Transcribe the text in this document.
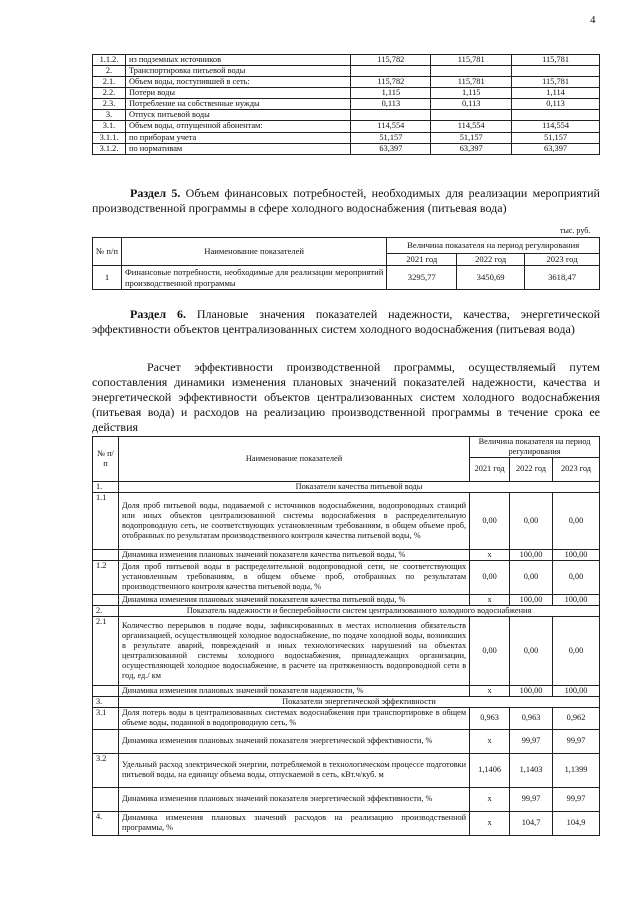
4
1.1.2.	из подземных источников	115,782	115,781	115,781
2.	Транспортировка питьевой воды			
2.1.	Объем воды, поступившей в сеть:	115,782	115,781	115,781
2.2.	Потери воды	1,115	1,115	1,114
2.3.	Потребление на собственные нужды	0,113	0,113	0,113
3.	Отпуск питьевой воды			
3.1.	Объем воды, отпущенной абонентам:	114,554	114,554	114,554
3.1.1.	по приборам учета	51,157	51,157	51,157
3.1.2.	по нормативам	63,397	63,397	63,397
Раздел 5. Объем финансовых потребностей, необходимых для реализации мероприятий производственной программы в сфере холодного водоснабжения (питьевая вода)
тыс. руб.
№ п/п	Наименование показателей	Величина показателя на период регулирования		
		2021 год	2022 год	2023 год
1	Финансовые потребности, необходимые для реализации мероприятий производственной программы	3295,77	3450,69	3618,47
Раздел 6. Плановые значения показателей надежности, качества, энергетической эффективности объектов централизованных систем холодного водоснабжения (питьевая вода)
Расчет эффективности производственной программы, осуществляемый путем сопоставления динамики изменения плановых значений показателей надежности, качества и энергетической эффективности объектов централизованных систем холодного водоснабжения (питьевая вода) и расходов на реализацию производственной программы в течение срока ее действия
№ п/п	Наименование показателей	Величина показателя на период регулирования		
		2021 год	2022 год	2023 год
1.	Показатели качества питьевой воды			
1.1	Доля проб питьевой воды, подаваемой с источников водоснабжения, водопроводных станций или иных объектов централизованной системы водоснабжения в распределительную водопроводную сеть, не соответствующих установленным требованиям, в общем объеме проб, отобранных по результатам производственного контроля качества питьевой воды, %	0,00	0,00	0,00
	Динамика изменения плановых значений показателя качества питьевой воды, %	x	100,00	100,00
1.2	Доля проб питьевой воды в распределительной водопроводной сети, не соответствующих установленным требованиям, в общем объеме проб, отобранных по результатам производственного контроля качества питьевой воды, %	0,00	0,00	0,00
	Динамика изменения плановых значений показателя качества питьевой воды, %	x	100,00	100,00
2.	Показатель надежности и бесперебойности систем централизованного холодного водоснабжения			
2.1	Количество перерывов в подаче воды, зафиксированных в местах исполнения обязательств организацией, осуществляющей холодное водоснабжение, по подаче холодной воды, возникших в результате аварий, повреждений и иных технологических нарушений на объектах централизованной системы холодного водоснабжения, принадлежащих организации, осуществляющей холодное водоснабжение, в расчете на протяженность водопроводной сети в год, ед./ км	0,00	0,00	0,00
	Динамика изменения плановых значений показателя надежности, %	x	100,00	100,00
3.	Показатели энергетической эффективности			
3.1	Доля потерь воды в централизованных системах водоснабжения при транспортировке в общем объеме воды, поданной в водопроводную сеть, %	0,963	0,963	0,962
	Динамика изменения плановых значений показателя энергетической эффективности, %	x	99,97	99,97
3.2	Удельный расход электрической энергии, потребляемой в технологическом процессе подготовки питьевой воды, на единицу объема воды, отпускаемой в сеть, кВт.ч/куб. м	1,1406	1,1403	1,1399
	Динамика изменения плановых значений показателя энергетической эффективности, %	x	99,97	99,97
4.	Динамика изменения плановых значений расходов на реализацию производственной программы, %	x	104,7	104,9
